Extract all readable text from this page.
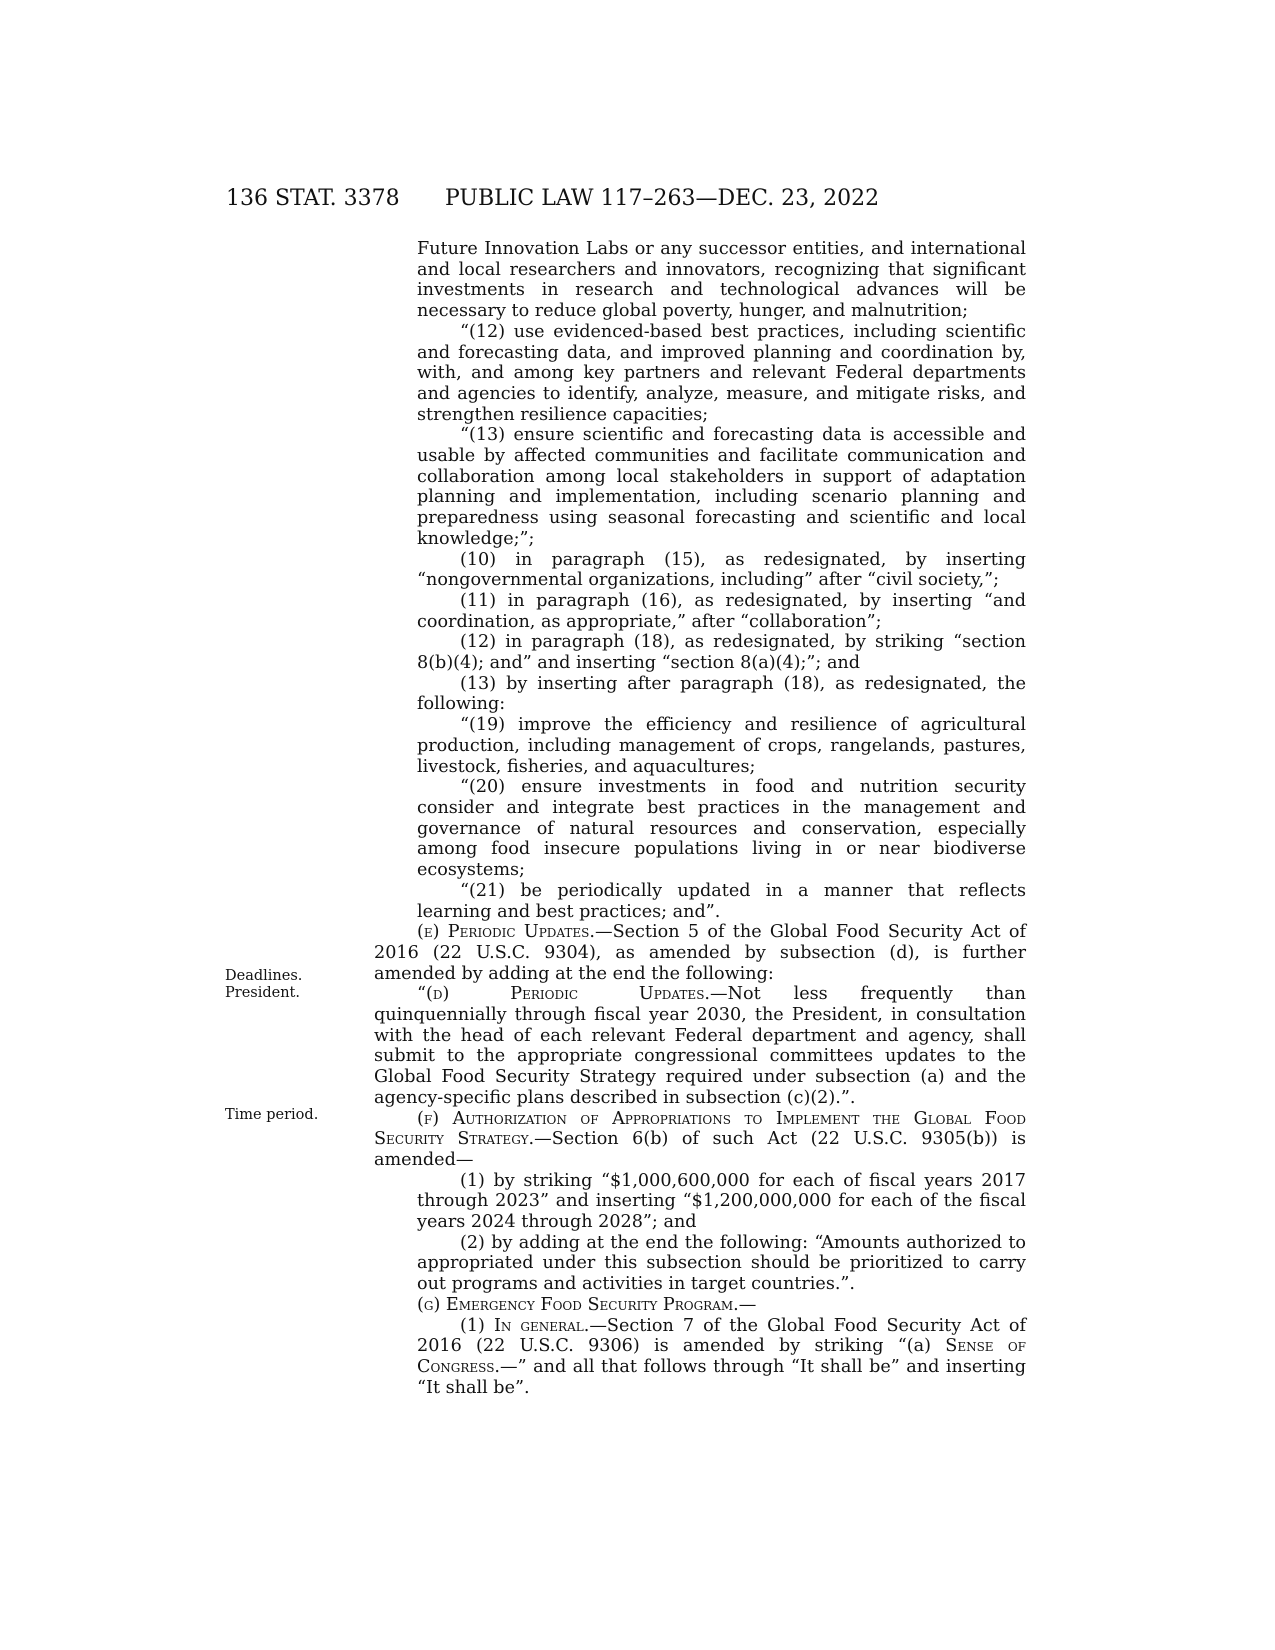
136 STAT. 3378 PUBLIC LAW 117–263—DEC. 23, 2022
Deadlines.
President.
Time period.

Future Innovation Labs or any successor entities, and international and local researchers and innovators, recognizing that significant investments in research and technological advances will be necessary to reduce global poverty, hunger, and malnutrition;

“(12) use evidenced-based best practices, including scientific and forecasting data, and improved planning and coordination by, with, and among key partners and relevant Federal departments and agencies to identify, analyze, measure, and mitigate risks, and strengthen resilience capacities;

“(13) ensure scientific and forecasting data is accessible and usable by affected communities and facilitate communication and collaboration among local stakeholders in support of adaptation planning and implementation, including scenario planning and preparedness using seasonal forecasting and scientific and local knowledge;”;

(10) in paragraph (15), as redesignated, by inserting “nongovernmental organizations, including” after “civil society,”;

(11) in paragraph (16), as redesignated, by inserting “and coordination, as appropriate,” after “collaboration”;

(12) in paragraph (18), as redesignated, by striking “section 8(b)(4); and” and inserting “section 8(a)(4);”; and

(13) by inserting after paragraph (18), as redesignated, the following:

“(19) improve the efficiency and resilience of agricultural production, including management of crops, rangelands, pastures, livestock, fisheries, and aquacultures;

“(20) ensure investments in food and nutrition security consider and integrate best practices in the management and governance of natural resources and conservation, especially among food insecure populations living in or near biodiverse ecosystems;

“(21) be periodically updated in a manner that reflects learning and best practices; and”.

(e) Periodic Updates.—Section 5 of the Global Food Security Act of 2016 (22 U.S.C. 9304), as amended by subsection (d), is further amended by adding at the end the following:

“(d) Periodic Updates.—Not less frequently than quinquennially through fiscal year 2030, the President, in consultation with the head of each relevant Federal department and agency, shall submit to the appropriate congressional committees updates to the Global Food Security Strategy required under subsection (a) and the agency-specific plans described in subsection (c)(2).”.

(f) Authorization of Appropriations to Implement the Global Food Security Strategy.—Section 6(b) of such Act (22 U.S.C. 9305(b)) is amended—

(1) by striking “$1,000,600,000 for each of fiscal years 2017 through 2023” and inserting “$1,200,000,000 for each of the fiscal years 2024 through 2028”; and

(2) by adding at the end the following: “Amounts authorized to appropriated under this subsection should be prioritized to carry out programs and activities in target countries.”.

(g) Emergency Food Security Program.—

(1) In general.—Section 7 of the Global Food Security Act of 2016 (22 U.S.C. 9306) is amended by striking “(a) Sense of Congress.—” and all that follows through “It shall be” and inserting “It shall be”.
